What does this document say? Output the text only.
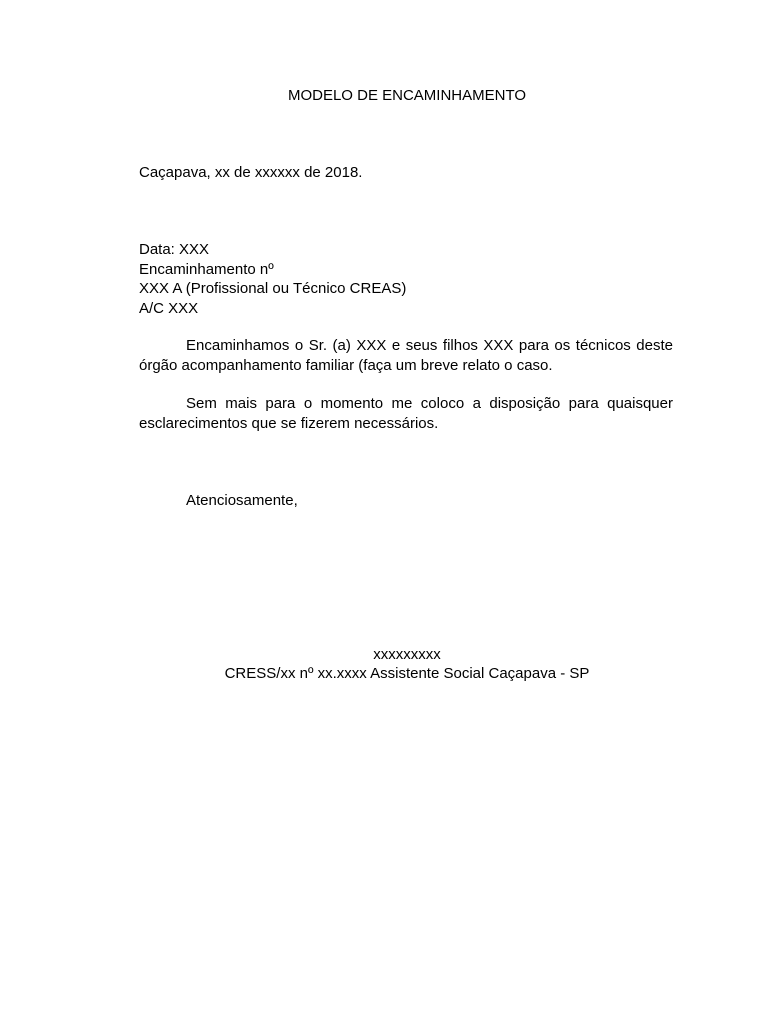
MODELO DE ENCAMINHAMENTO

Caçapava, xx de xxxxxx de 2018.

Data: XXX
Encaminhamento nº
XXX A (Profissional ou Técnico CREAS)
A/C XXX

Encaminhamos o Sr. (a) XXX e seus filhos XXX para os técnicos deste órgão acompanhamento familiar (faça um breve relato o caso.

Sem mais para o momento me coloco a disposição para quaisquer esclarecimentos que se fizerem necessários.

Atenciosamente,

xxxxxxxxx

CRESS/xx nº xx.xxxx Assistente Social Caçapava - SP
